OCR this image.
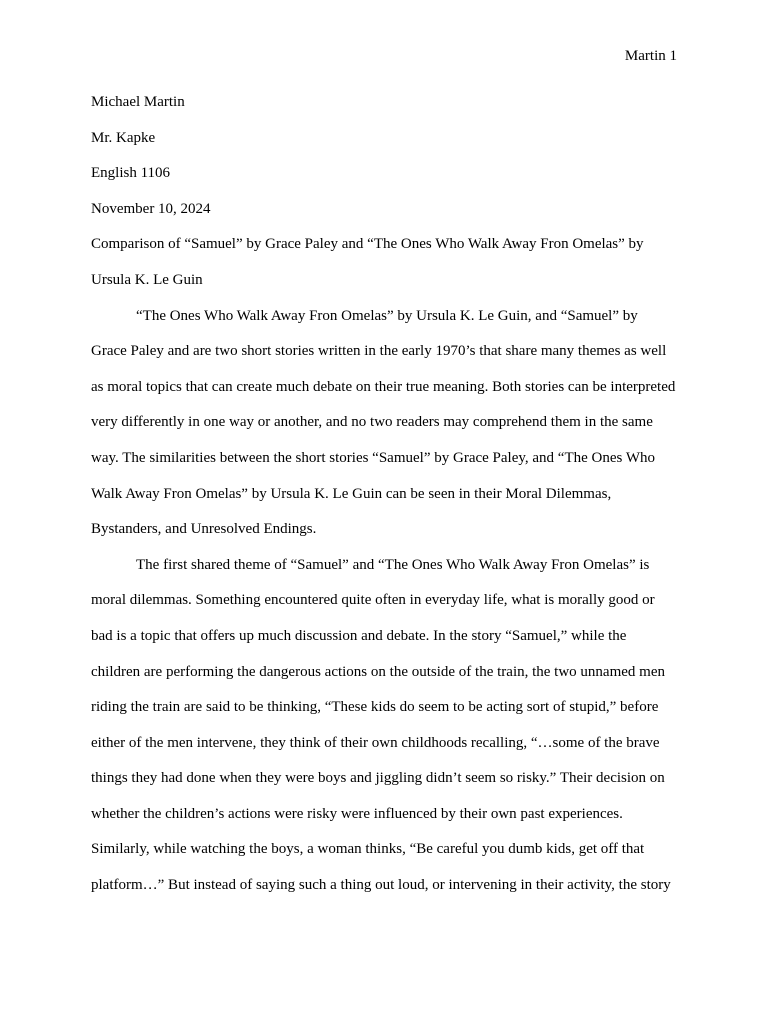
Martin 1
Michael Martin
Mr. Kapke
English 1106
November 10, 2024
Comparison of “Samuel” by Grace Paley and “The Ones Who Walk Away Fron Omelas” by
Ursula K. Le Guin
“The Ones Who Walk Away Fron Omelas” by Ursula K. Le Guin, and “Samuel” by
Grace Paley and are two short stories written in the early 1970’s that share many themes as well
as moral topics that can create much debate on their true meaning. Both stories can be interpreted
very differently in one way or another, and no two readers may comprehend them in the same
way. The similarities between the short stories “Samuel” by Grace Paley, and “The Ones Who
Walk Away Fron Omelas” by Ursula K. Le Guin can be seen in their Moral Dilemmas,
Bystanders, and Unresolved Endings.
The first shared theme of “Samuel” and “The Ones Who Walk Away Fron Omelas” is
moral dilemmas. Something encountered quite often in everyday life, what is morally good or
bad is a topic that offers up much discussion and debate. In the story “Samuel,” while the
children are performing the dangerous actions on the outside of the train, the two unnamed men
riding the train are said to be thinking, “These kids do seem to be acting sort of stupid,” before
either of the men intervene, they think of their own childhoods recalling, “…some of the brave
things they had done when they were boys and jiggling didn’t seem so risky.” Their decision on
whether the children’s actions were risky were influenced by their own past experiences.
Similarly, while watching the boys, a woman thinks, “Be careful you dumb kids, get off that
platform…” But instead of saying such a thing out loud, or intervening in their activity, the story
